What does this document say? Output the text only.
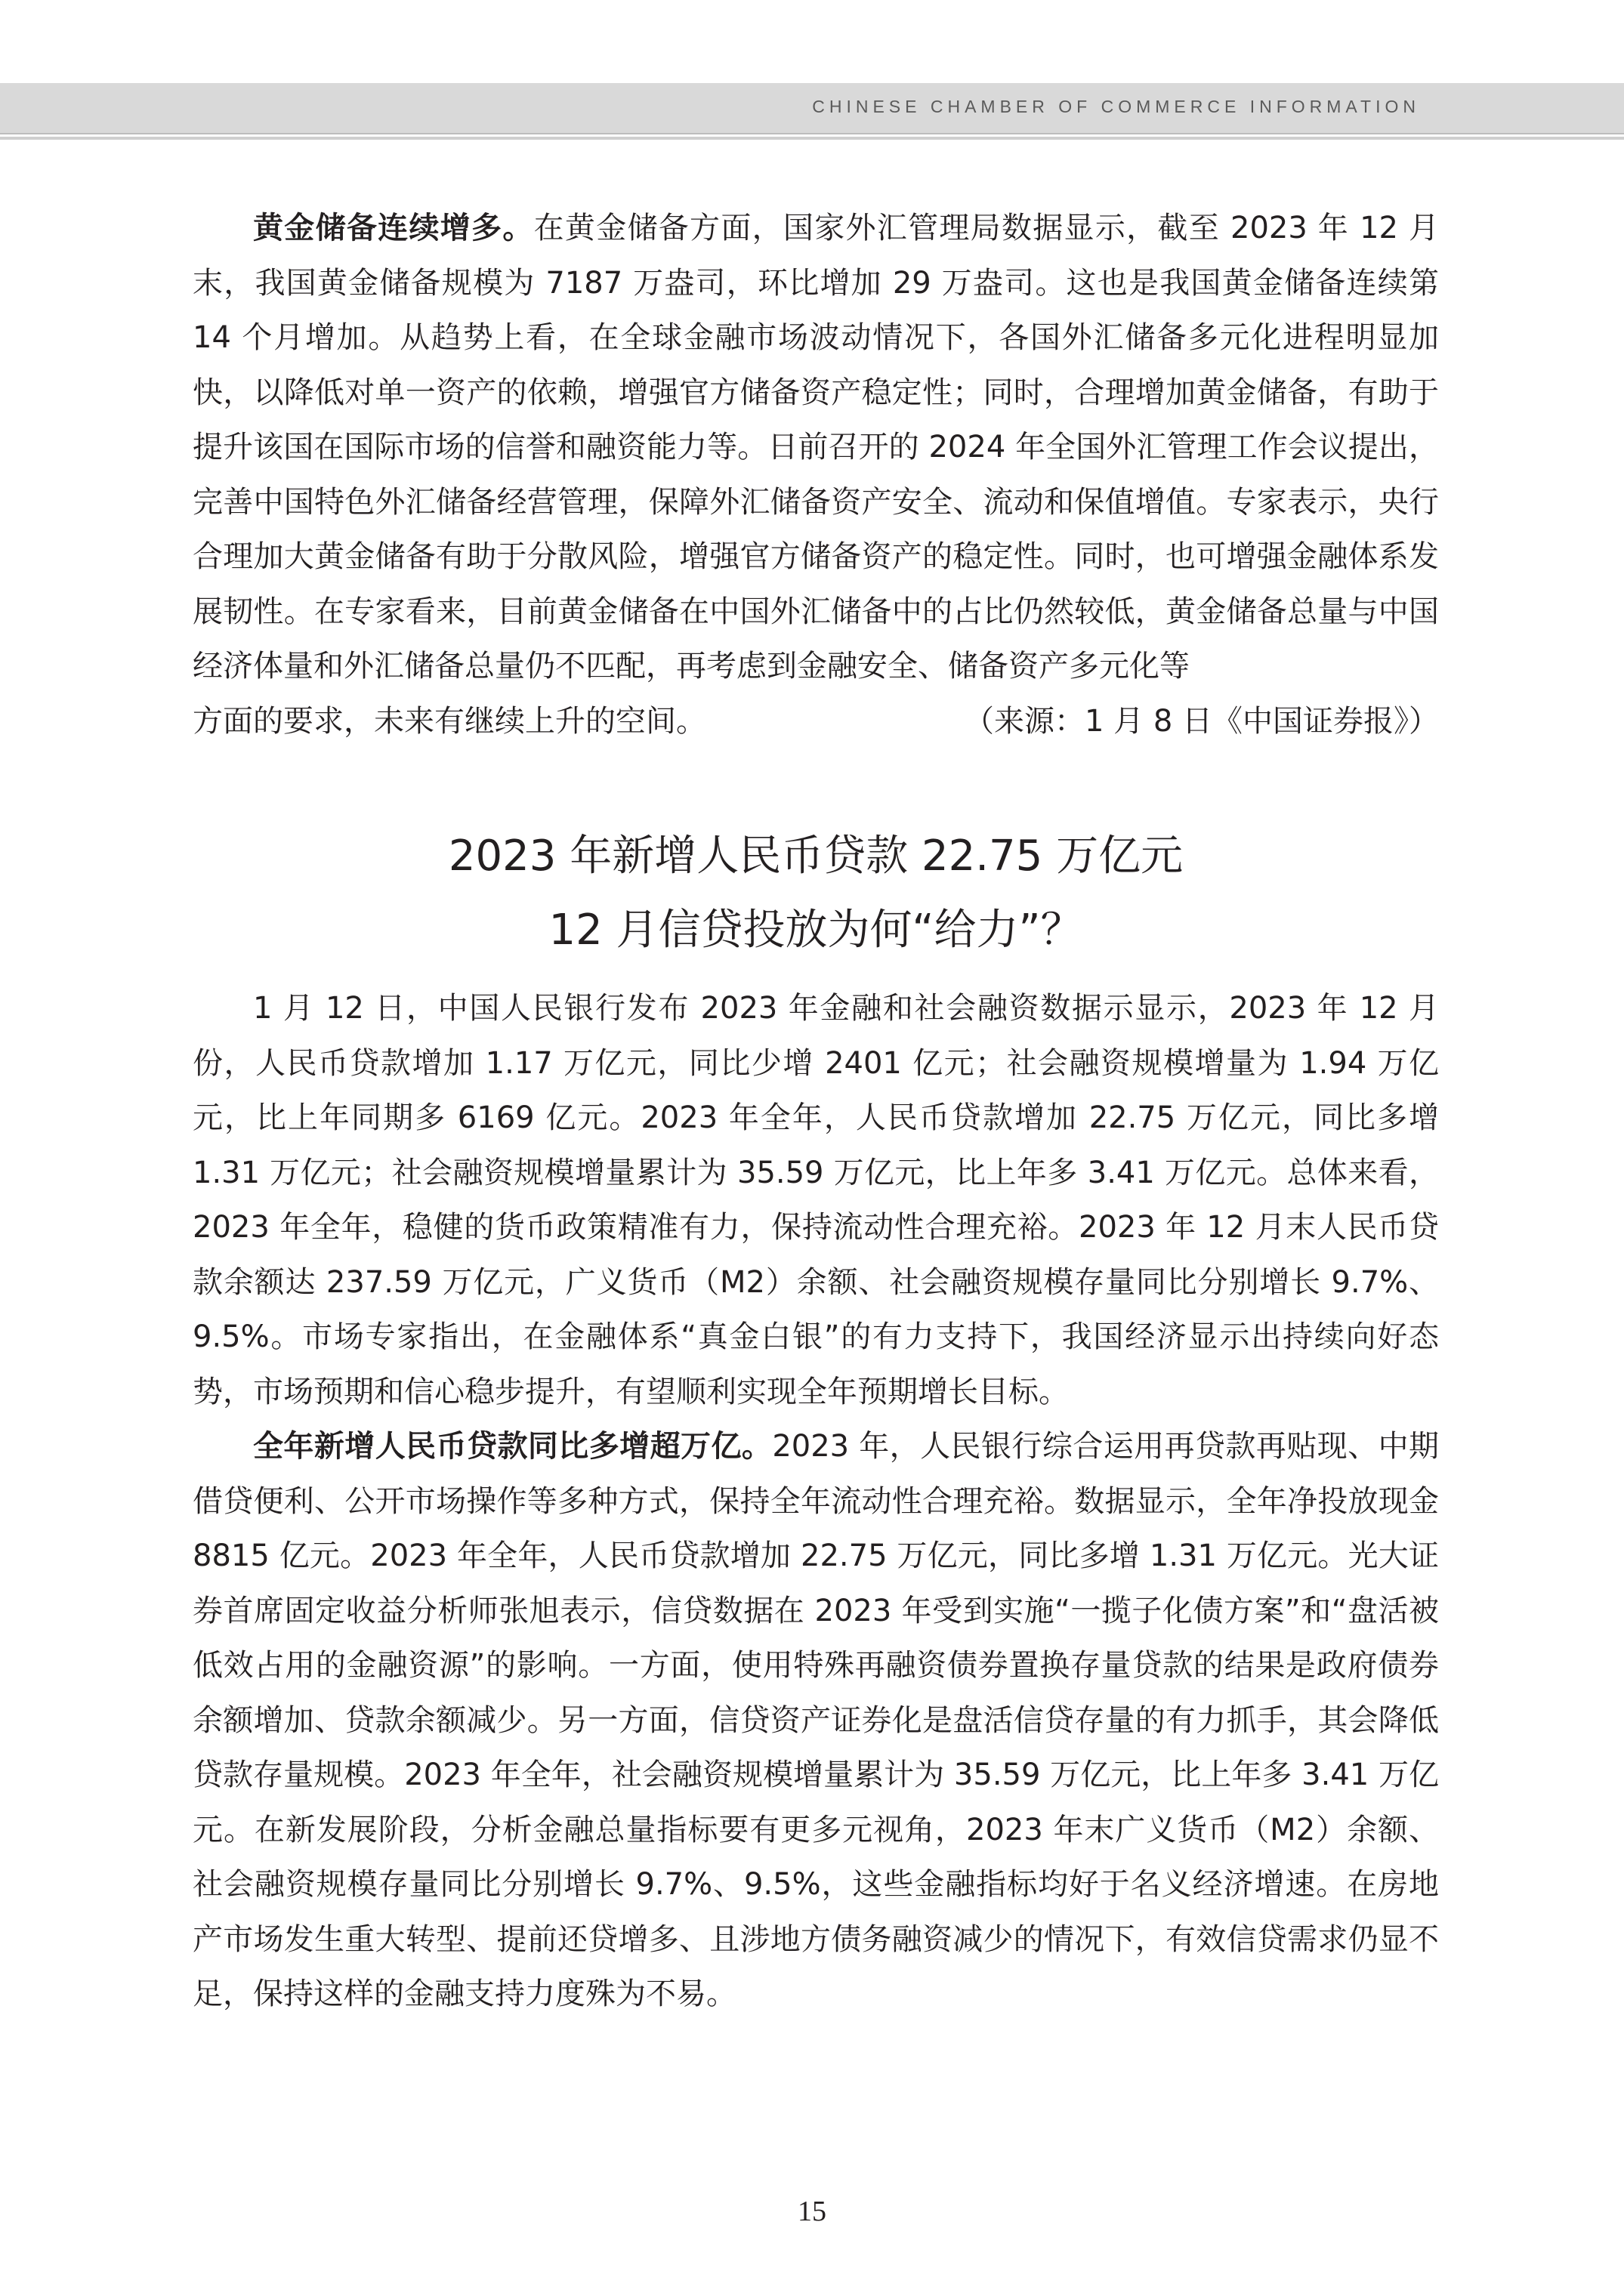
CHINESE CHAMBER OF COMMERCE INFORMATION

黄金储备连续增多。在黄金储备方面，国家外汇管理局数据显示，截至 2023 年 12 月末，我国黄金储备规模为 7187 万盎司，环比增加 29 万盎司。这也是我国黄金储备连续第 14 个月增加。从趋势上看，在全球金融市场波动情况下，各国外汇储备多元化进程明显加快，以降低对单一资产的依赖，增强官方储备资产稳定性；同时，合理增加黄金储备，有助于提升该国在国际市场的信誉和融资能力等。日前召开的 2024 年全国外汇管理工作会议提出，完善中国特色外汇储备经营管理，保障外汇储备资产安全、流动和保值增值。专家表示，央行合理加大黄金储备有助于分散风险，增强官方储备资产的稳定性。同时，也可增强金融体系发展韧性。在专家看来，目前黄金储备在中国外汇储备中的占比仍然较低，黄金储备总量与中国经济体量和外汇储备总量仍不匹配，再考虑到金融安全、储备资产多元化等

方面的要求，未来有继续上升的空间。	（来源：1 月 8 日《中国证券报》）

2023 年新增人民币贷款 22.75 万亿元

12 月信贷投放为何“给力”？

1 月 12 日，中国人民银行发布 2023 年金融和社会融资数据示显示，2023 年 12 月份，人民币贷款增加 1.17 万亿元，同比少增 2401 亿元；社会融资规模增量为 1.94 万亿元，比上年同期多 6169 亿元。2023 年全年，人民币贷款增加 22.75 万亿元，同比多增 1.31 万亿元；社会融资规模增量累计为 35.59 万亿元，比上年多 3.41 万亿元。总体来看，2023 年全年，稳健的货币政策精准有力，保持流动性合理充裕。2023 年 12 月末人民币贷款余额达 237.59 万亿元，广义货币（M2）余额、社会融资规模存量同比分别增长 9.7%、9.5%。市场专家指出，在金融体系“真金白银”的有力支持下，我国经济显示出持续向好态势，市场预期和信心稳步提升，有望顺利实现全年预期增长目标。

全年新增人民币贷款同比多增超万亿。2023 年，人民银行综合运用再贷款再贴现、中期借贷便利、公开市场操作等多种方式，保持全年流动性合理充裕。数据显示，全年净投放现金 8815 亿元。2023 年全年，人民币贷款增加 22.75 万亿元，同比多增 1.31 万亿元。光大证券首席固定收益分析师张旭表示，信贷数据在 2023 年受到实施“一揽子化债方案”和“盘活被低效占用的金融资源”的影响。一方面，使用特殊再融资债券置换存量贷款的结果是政府债券余额增加、贷款余额减少。另一方面，信贷资产证券化是盘活信贷存量的有力抓手，其会降低贷款存量规模。2023 年全年，社会融资规模增量累计为 35.59 万亿元，比上年多 3.41 万亿元。在新发展阶段，分析金融总量指标要有更多元视角，2023 年末广义货币（M2）余额、社会融资规模存量同比分别增长 9.7%、9.5%，这些金融指标均好于名义经济增速。在房地产市场发生重大转型、提前还贷增多、且涉地方债务融资减少的情况下，有效信贷需求仍显不足，保持这样的金融支持力度殊为不易。

15
